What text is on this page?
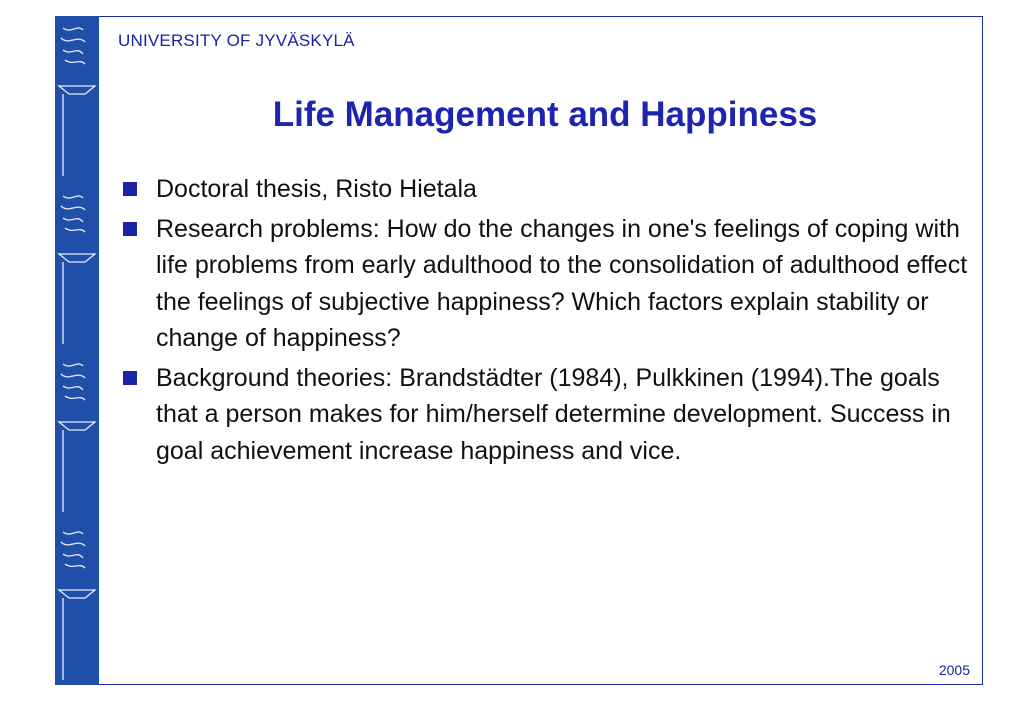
UNIVERSITY OF JYVÄSKYLÄ
Life Management and Happiness
Doctoral thesis, Risto Hietala
Research problems: How do the changes in one's feelings of coping with life problems from early adulthood to the consolidation of adulthood effect the feelings of subjective happiness? Which factors explain stability or change of happiness?
Background theories: Brandstädter (1984), Pulkkinen (1994).The goals that a person makes for him/herself determine development. Success in goal achievement increase happiness and vice.
2005
